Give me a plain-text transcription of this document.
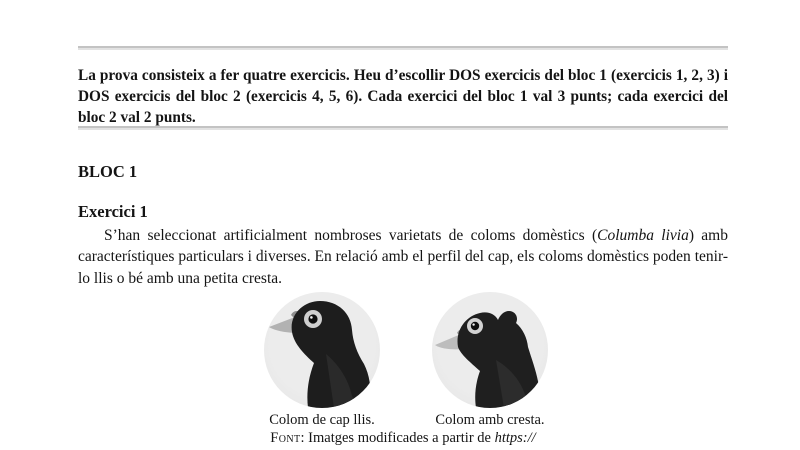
La prova consisteix a fer quatre exercicis. Heu d’escollir DOS exercicis del bloc 1 (exercicis 1, 2, 3) i DOS exercicis del bloc 2 (exercicis 4, 5, 6). Cada exercici del bloc 1 val 3 punts; cada exercici del bloc 2 val 2 punts.

BLOC 1
Exercici 1

S’han seleccionat artificialment nombroses varietats de coloms domèstics (Columba livia) amb característiques particulars i diverses. En relació amb el perfil del cap, els coloms domèstics poden tenir-lo llis o bé amb una petita cresta.

Colom de cap llis.	Colom amb cresta.
Font: Imatges modificades a partir de https://
